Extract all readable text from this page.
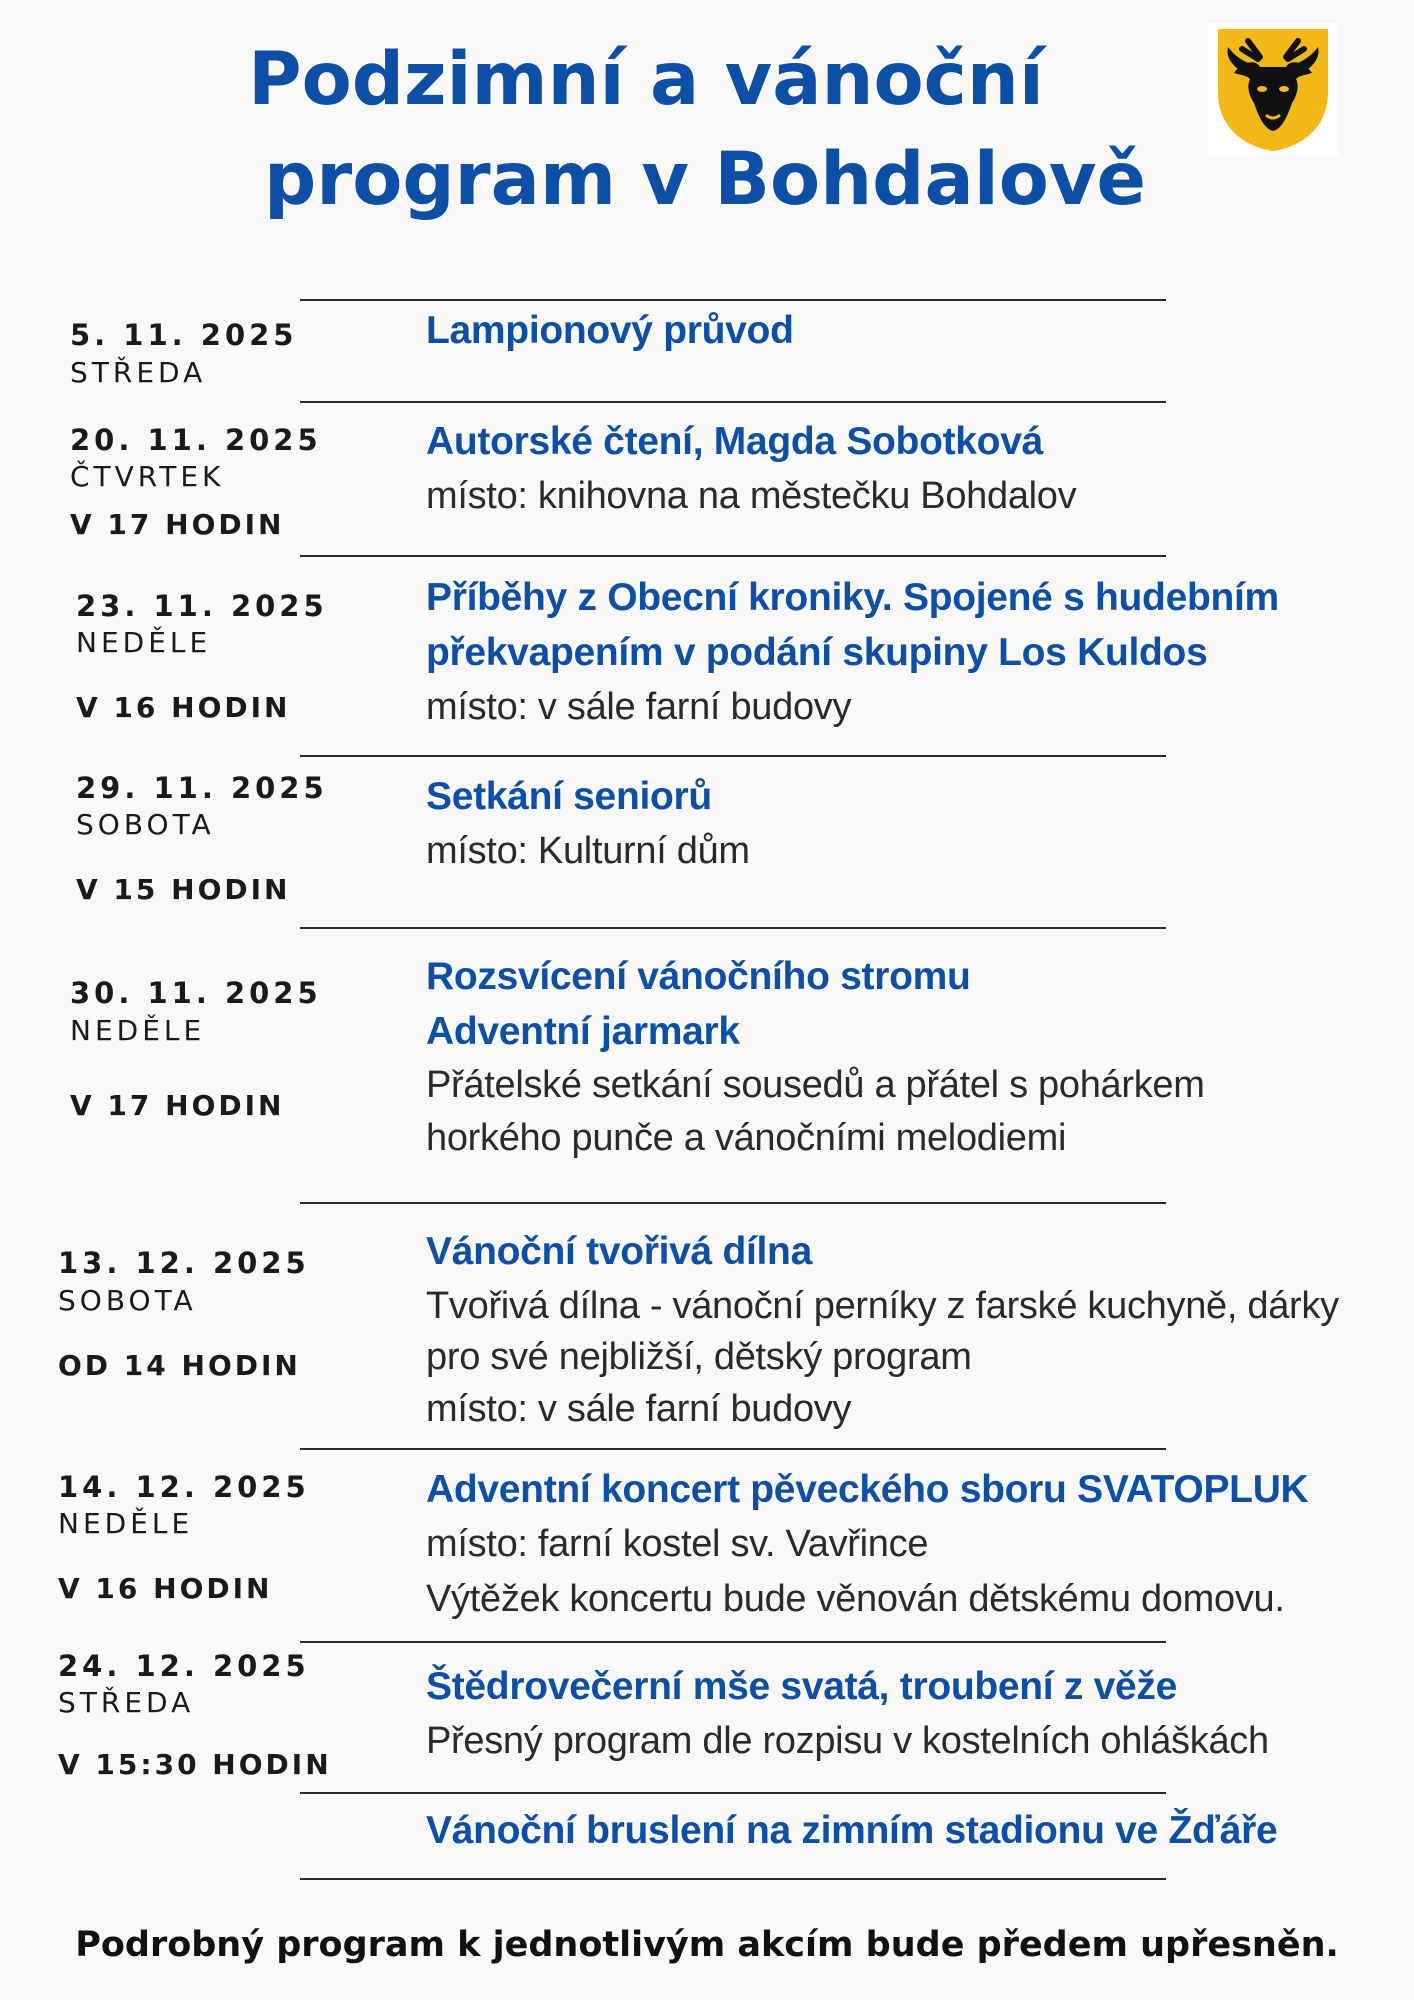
Podzimní a vánoční
program v Bohdalově
5. 11. 2025
STŘEDA
Lampionový průvod
20. 11. 2025
ČTVRTEK
V 17 HODIN
Autorské čtení, Magda Sobotková
místo: knihovna na městečku Bohdalov
23. 11. 2025
NEDĚLE
V 16 HODIN
Příběhy z Obecní kroniky. Spojené s hudebním
překvapením v podání skupiny Los Kuldos
místo: v sále farní budovy
29. 11. 2025
SOBOTA
V 15 HODIN
Setkání seniorů
místo: Kulturní dům
30. 11. 2025
NEDĚLE
V 17 HODIN
Rozsvícení vánočního stromu
Adventní jarmark
Přátelské setkání sousedů a přátel s pohárkem
horkého punče a vánočními melodiemi
13. 12. 2025
SOBOTA
OD 14 HODIN
Vánoční tvořivá dílna
Tvořivá dílna - vánoční perníky z farské kuchyně, dárky
pro své nejbližší, dětský program
místo: v sále farní budovy
14. 12. 2025
NEDĚLE
V 16 HODIN
Adventní koncert pěveckého sboru SVATOPLUK
místo: farní kostel sv. Vavřince
Výtěžek koncertu bude věnován dětskému domovu.
24. 12. 2025
STŘEDA
V 15:30 HODIN
Štědrovečerní mše svatá, troubení z věže
Přesný program dle rozpisu v kostelních ohláškách
Vánoční bruslení na zimním stadionu ve Žďáře
Podrobný program k jednotlivým akcím bude předem upřesněn.
